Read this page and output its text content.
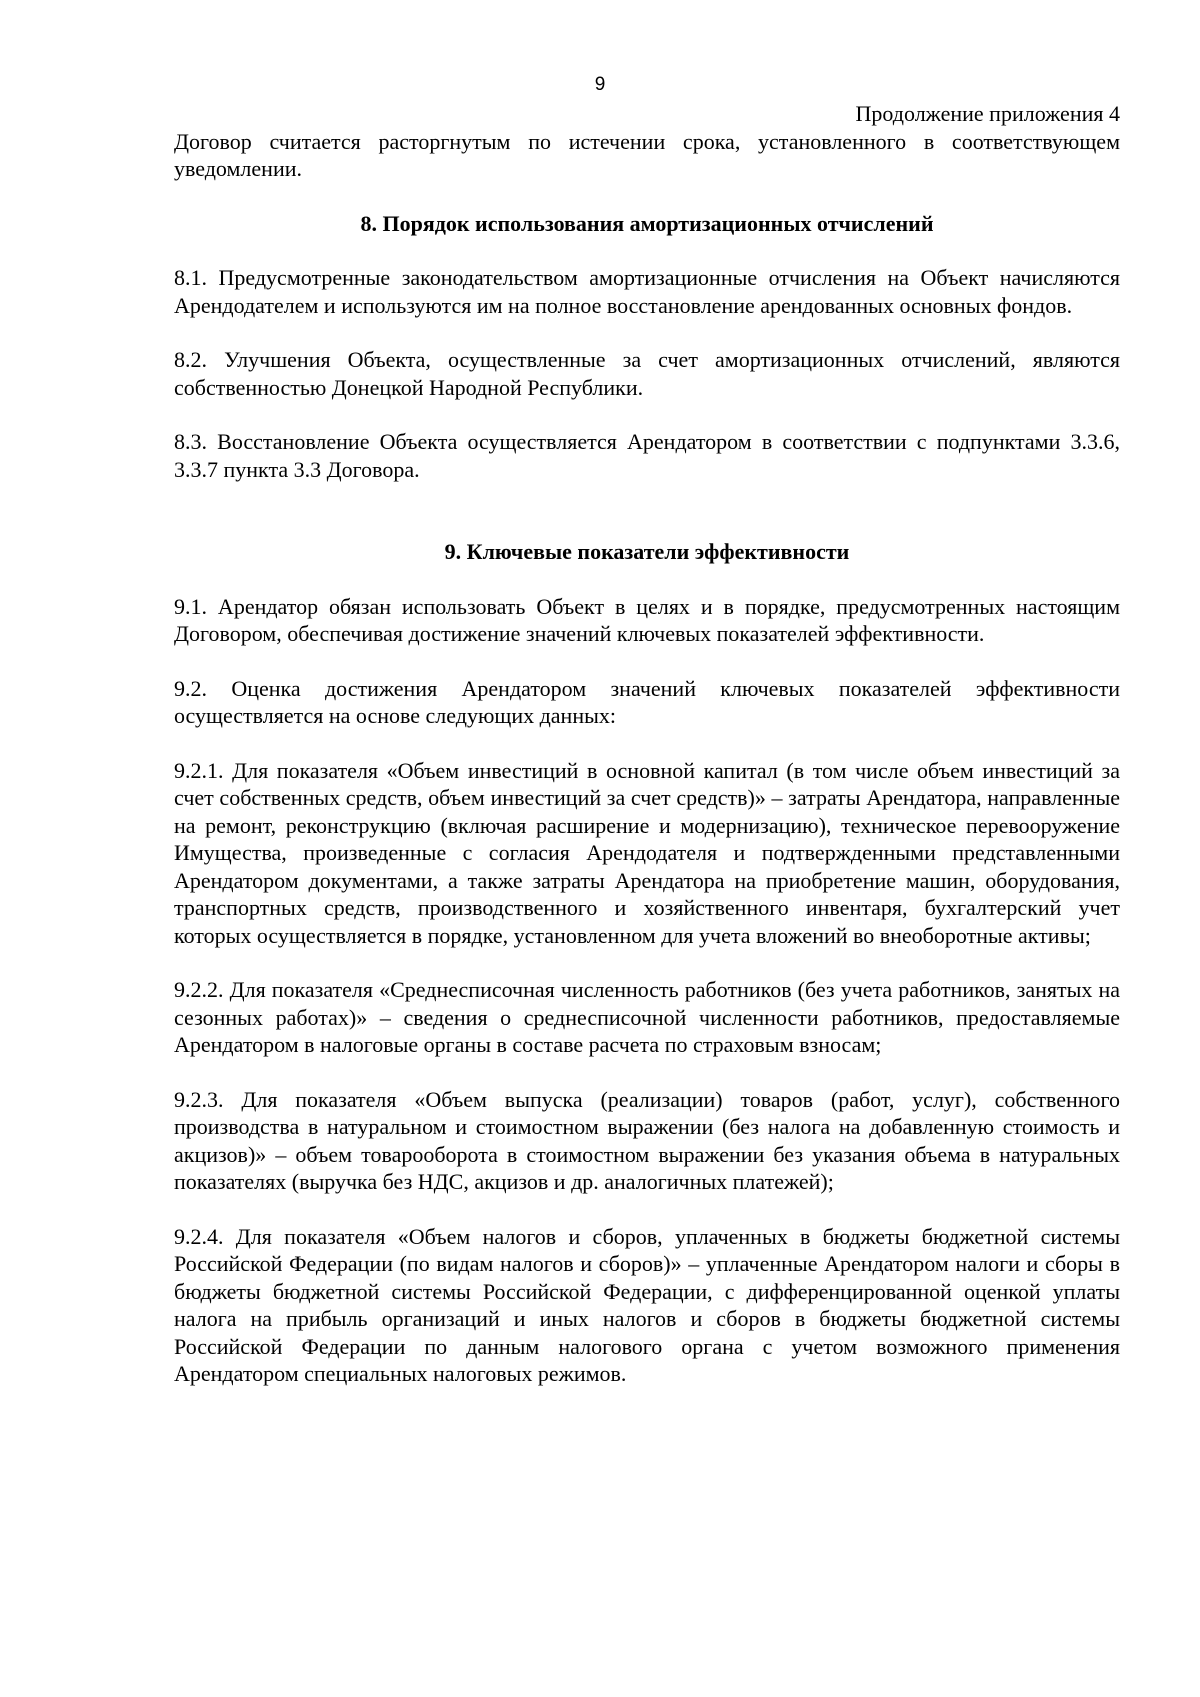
9

Продолжение приложения 4

Договор считается расторгнутым по истечении срока, установленного в соответствующем уведомлении.

8. Порядок использования амортизационных отчислений

8.1. Предусмотренные законодательством амортизационные отчисления на Объект начисляются Арендодателем и используются им на полное восстановление арендованных основных фондов.

8.2. Улучшения Объекта, осуществленные за счет амортизационных отчислений, являются собственностью Донецкой Народной Республики.

8.3. Восстановление Объекта осуществляется Арендатором в соответствии с подпунктами 3.3.6, 3.3.7 пункта 3.3 Договора.

9. Ключевые показатели эффективности

9.1. Арендатор обязан использовать Объект в целях и в порядке, предусмотренных настоящим Договором, обеспечивая достижение значений ключевых показателей эффективности.

9.2. Оценка достижения Арендатором значений ключевых показателей эффективности осуществляется на основе следующих данных:

9.2.1. Для показателя «Объем инвестиций в основной капитал (в том числе объем инвестиций за счет собственных средств, объем инвестиций за счет средств)» – затраты Арендатора, направленные на ремонт, реконструкцию (включая расширение и модернизацию), техническое перевооружение Имущества, произведенные с согласия Арендодателя и подтвержденными представленными Арендатором документами, а также затраты Арендатора на приобретение машин, оборудования, транспортных средств, производственного и хозяйственного инвентаря, бухгалтерский учет которых осуществляется в порядке, установленном для учета вложений во внеоборотные активы;

9.2.2. Для показателя «Среднесписочная численность работников (без учета работников, занятых на сезонных работах)» – сведения о среднесписочной численности работников, предоставляемые Арендатором в налоговые органы в составе расчета по страховым взносам;

9.2.3. Для показателя «Объем выпуска (реализации) товаров (работ, услуг), собственного производства в натуральном и стоимостном выражении (без налога на добавленную стоимость и акцизов)» – объем товарооборота в стоимостном выражении без указания объема в натуральных показателях (выручка без НДС, акцизов и др. аналогичных платежей);

9.2.4. Для показателя «Объем налогов и сборов, уплаченных в бюджеты бюджетной системы Российской Федерации (по видам налогов и сборов)» – уплаченные Арендатором налоги и сборы в бюджеты бюджетной системы Российской Федерации, с дифференцированной оценкой уплаты налога на прибыль организаций и иных налогов и сборов в бюджеты бюджетной системы Российской Федерации по данным налогового органа с учетом возможного применения Арендатором специальных налоговых режимов.
